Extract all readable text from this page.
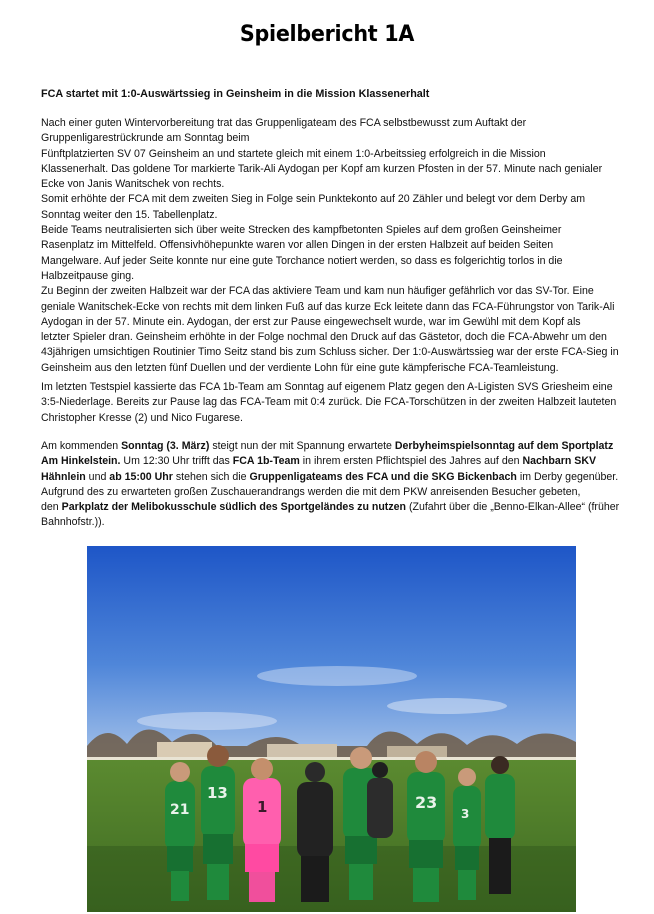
Spielbericht 1A
FCA startet mit 1:0-Auswärtssieg in Geinsheim in die Mission Klassenerhalt
Nach einer guten Wintervorbereitung trat das Gruppenligateam des FCA selbstbewusst zum Auftakt der
Gruppenligarestrückrunde am Sonntag beim
Fünftplatzierten SV 07 Geinsheim an und startete gleich mit einem 1:0-Arbeitssieg erfolgreich in die Mission
Klassenerhalt. Das goldene Tor markierte Tarik-Ali Aydogan per Kopf am kurzen Pfosten in der 57. Minute nach genialer
Ecke von Janis Wanitschek von rechts.
Somit erhöhte der FCA mit dem zweiten Sieg in Folge sein Punktekonto auf 20 Zähler und belegt vor dem Derby am
Sonntag weiter den 15. Tabellenplatz.
Beide Teams neutralisierten sich über weite Strecken des kampfbetonten Spieles auf dem großen Geinsheimer
Rasenplatz im Mittelfeld. Offensivhöhepunkte waren vor allen Dingen in der ersten Halbzeit auf beiden Seiten
Mangelware. Auf jeder Seite konnte nur eine gute Torchance notiert werden, so dass es folgerichtig torlos in die
Halbzeitpause ging.
Zu Beginn der zweiten Halbzeit war der FCA das aktiviere Team und kam nun häufiger gefährlich vor das SV-Tor. Eine
geniale Wanitschek-Ecke von rechts mit dem linken Fuß auf das kurze Eck leitete dann das FCA-Führungstor von Tarik-Ali
Aydogan in der 57. Minute ein. Aydogan, der erst zur Pause eingewechselt wurde, war im Gewühl mit dem Kopf als
letzter Spieler dran. Geinsheim erhöhte in der Folge nochmal den Druck auf das Gästetor, doch die FCA-Abwehr um den
43jährigen umsichtigen Routinier Timo Seitz stand bis zum Schluss sicher. Der 1:0-Auswärtssieg war der erste FCA-Sieg in
Geinsheim aus den letzten fünf Duellen und der verdiente Lohn für eine gute kämpferische FCA-Teamleistung.
Im letzten Testspiel kassierte das FCA 1b-Team am Sonntag auf eigenem Platz gegen den A-Ligisten SVS Griesheim eine
3:5-Niederlage. Bereits zur Pause lag das FCA-Team mit 0:4 zurück. Die FCA-Torschützen in der zweiten Halbzeit lauteten
Christopher Kresse (2) und Nico Fugarese.
Am kommenden Sonntag (3. März) steigt nun der mit Spannung erwartete Derbyheimspielsonntag auf dem Sportplatz
Am Hinkelstein. Um 12:30 Uhr trifft das FCA 1b-Team in ihrem ersten Pflichtspiel des Jahres auf den Nachbarn SKV
Hähnlein und ab 15:00 Uhr stehen sich die Gruppenligateams des FCA und die SKG Bickenbach im Derby gegenüber.
Aufgrund des zu erwarteten großen Zuschauerandrangs werden die mit dem PKW anreisenden Besucher gebeten,
den Parkplatz der Melibokusschule südlich des Sportgeländes zu nutzen (Zufahrt über die „Benno-Elkan-Allee“ (früher
Bahnhofstr.)).
21
13
1	23
3
